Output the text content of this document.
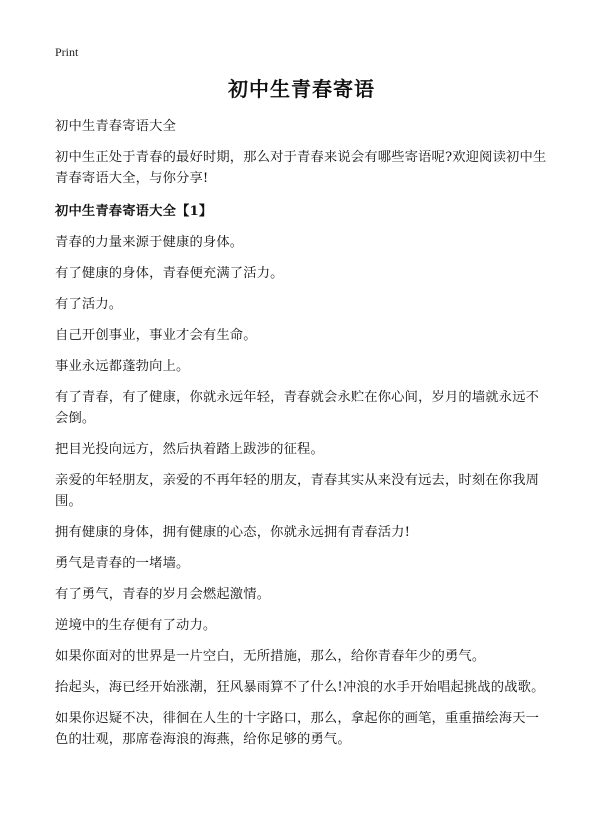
Print
初中生青春寄语

初中生青春寄语大全

初中生正处于青春的最好时期，那么对于青春来说会有哪些寄语呢?欢迎阅读初中生青春寄语大全，与你分享!

初中生青春寄语大全【1】

青春的力量来源于健康的身体。

有了健康的身体，青春便充满了活力。

有了活力。

自己开创事业，事业才会有生命。

事业永远都蓬勃向上。

有了青春，有了健康，你就永远年轻，青春就会永贮在你心间，岁月的墙就永远不会倒。

把目光投向远方，然后执着踏上跋涉的征程。

亲爱的年轻朋友，亲爱的不再年轻的朋友，青春其实从来没有远去，时刻在你我周围。

拥有健康的身体，拥有健康的心态，你就永远拥有青春活力!

勇气是青春的一堵墙。

有了勇气，青春的岁月会燃起激情。

逆境中的生存便有了动力。

如果你面对的世界是一片空白，无所措施，那么，给你青春年少的勇气。

抬起头，海已经开始涨潮，狂风暴雨算不了什么!冲浪的水手开始唱起挑战的战歌。

如果你迟疑不决，徘徊在人生的十字路口，那么，拿起你的画笔，重重描绘海天一色的壮观，那席卷海浪的海燕，给你足够的勇气。
